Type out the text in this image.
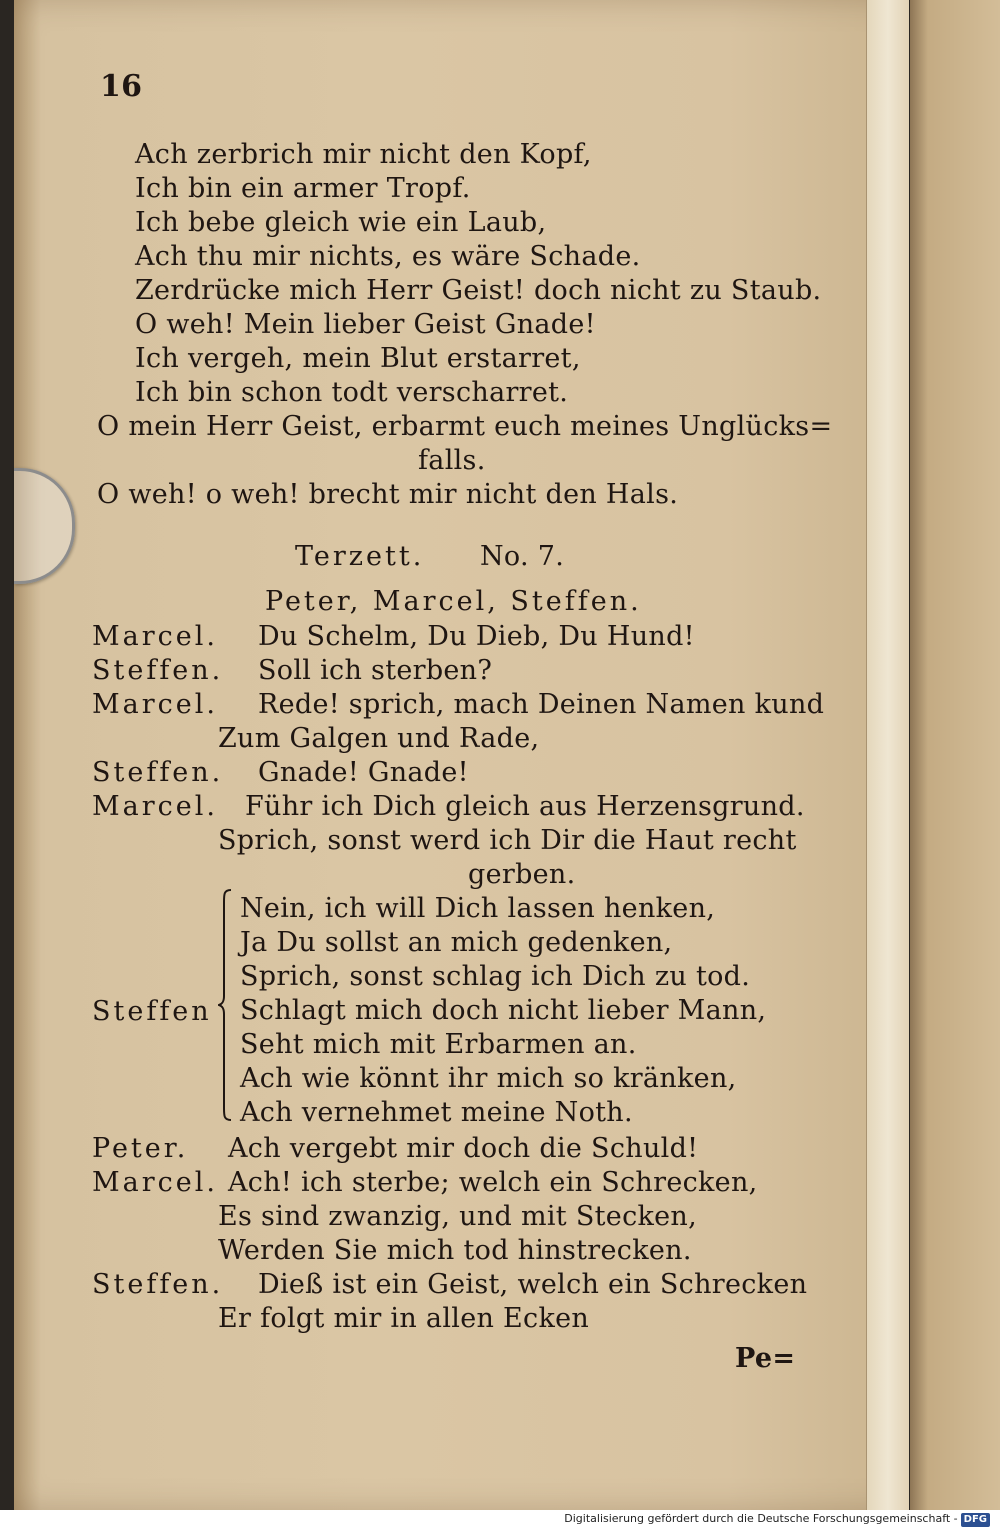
16
Ach zerbrich mir nicht den Kopf,
Ich bin ein armer Tropf.
Ich bebe gleich wie ein Laub,
Ach thu mir nichts, es wäre Schade.
Zerdrücke mich Herr Geist! doch nicht zu Staub.
O weh! Mein lieber Geist Gnade!
Ich vergeh, mein Blut erstarret,
Ich bin schon todt verscharret.
O mein Herr Geist, erbarmt euch meines Unglücks=
falls.
O weh! o weh! brecht mir nicht den Hals.
Terzett. No. 7.
Peter, Marcel, Steffen.
Marcel. Du Schelm, Du Dieb, Du Hund!
Steffen. Soll ich sterben?
Marcel. Rede! sprich, mach Deinen Namen kund
Zum Galgen und Rade,
Steffen. Gnade! Gnade!
Marcel. Führ ich Dich gleich aus Herzensgrund.
Sprich, sonst werd ich Dir die Haut recht
gerben.
Steffen
Nein, ich will Dich lassen henken,
Ja Du sollst an mich gedenken,
Sprich, sonst schlag ich Dich zu tod.
Schlagt mich doch nicht lieber Mann,
Seht mich mit Erbarmen an.
Ach wie könnt ihr mich so kränken,
Ach vernehmet meine Noth.
Peter. Ach vergebt mir doch die Schuld!
Marcel. Ach! ich sterbe; welch ein Schrecken,
Es sind zwanzig, und mit Stecken,
Werden Sie mich tod hinstrecken.
Steffen. Dieß ist ein Geist, welch ein Schrecken
Er folgt mir in allen Ecken
Pe=
Digitalisierung gefördert durch die Deutsche Forschungsgemeinschaft - DFG
